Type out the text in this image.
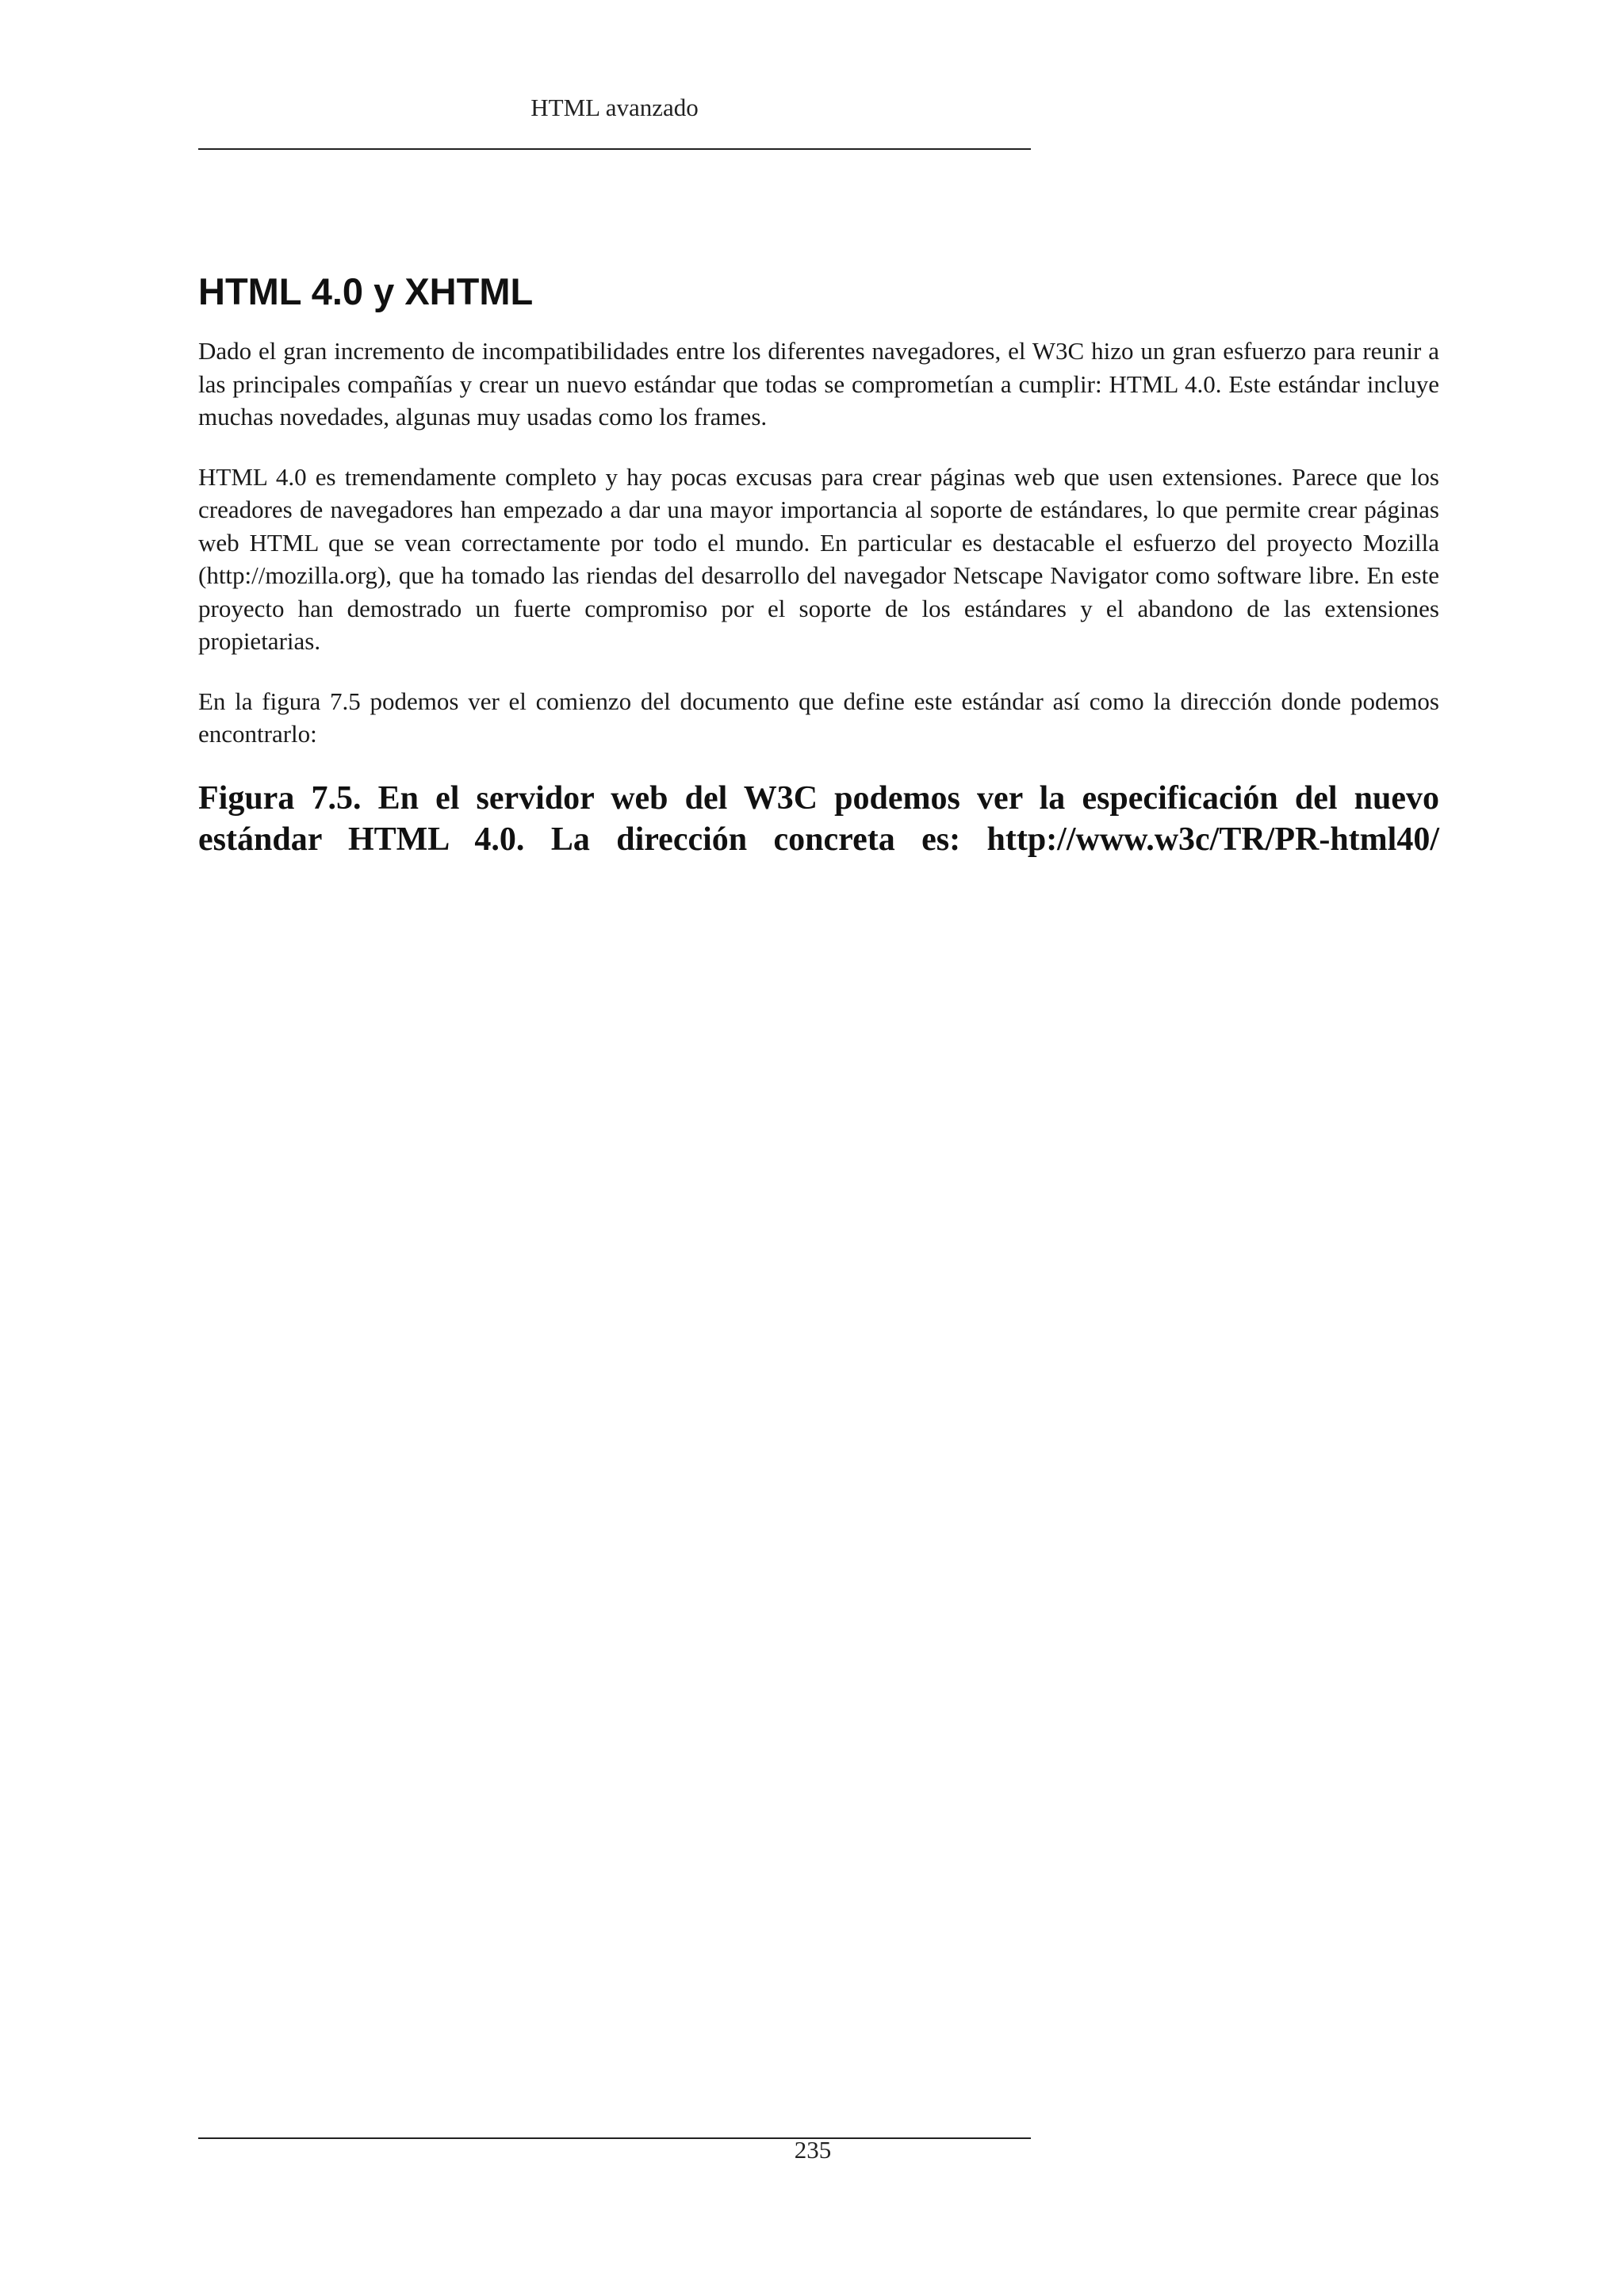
HTML avanzado
HTML 4.0 y XHTML

Dado el gran incremento de incompatibilidades entre los diferentes navegadores, el W3C hizo un gran esfuerzo para reunir a las principales compañías y crear un nuevo estándar que todas se comprometían a cumplir: HTML 4.0. Este estándar incluye muchas novedades, algunas muy usadas como los frames.

HTML 4.0 es tremendamente completo y hay pocas excusas para crear páginas web que usen extensiones. Parece que los creadores de navegadores han empezado a dar una mayor importancia al soporte de estándares, lo que permite crear páginas web HTML que se vean correctamente por todo el mundo. En particular es destacable el esfuerzo del proyecto Mozilla (http://mozilla.org), que ha tomado las riendas del desarrollo del navegador Netscape Navigator como software libre. En este proyecto han demostrado un fuerte compromiso por el soporte de los estándares y el abandono de las extensiones propietarias.

En la figura 7.5 podemos ver el comienzo del documento que define este estándar así como la dirección donde podemos encontrarlo:

Figura 7.5. En el servidor web del W3C podemos ver la especificación del nuevo estándar HTML 4.0. La dirección concreta es: http://www.w3c/TR/PR-html40/

235
